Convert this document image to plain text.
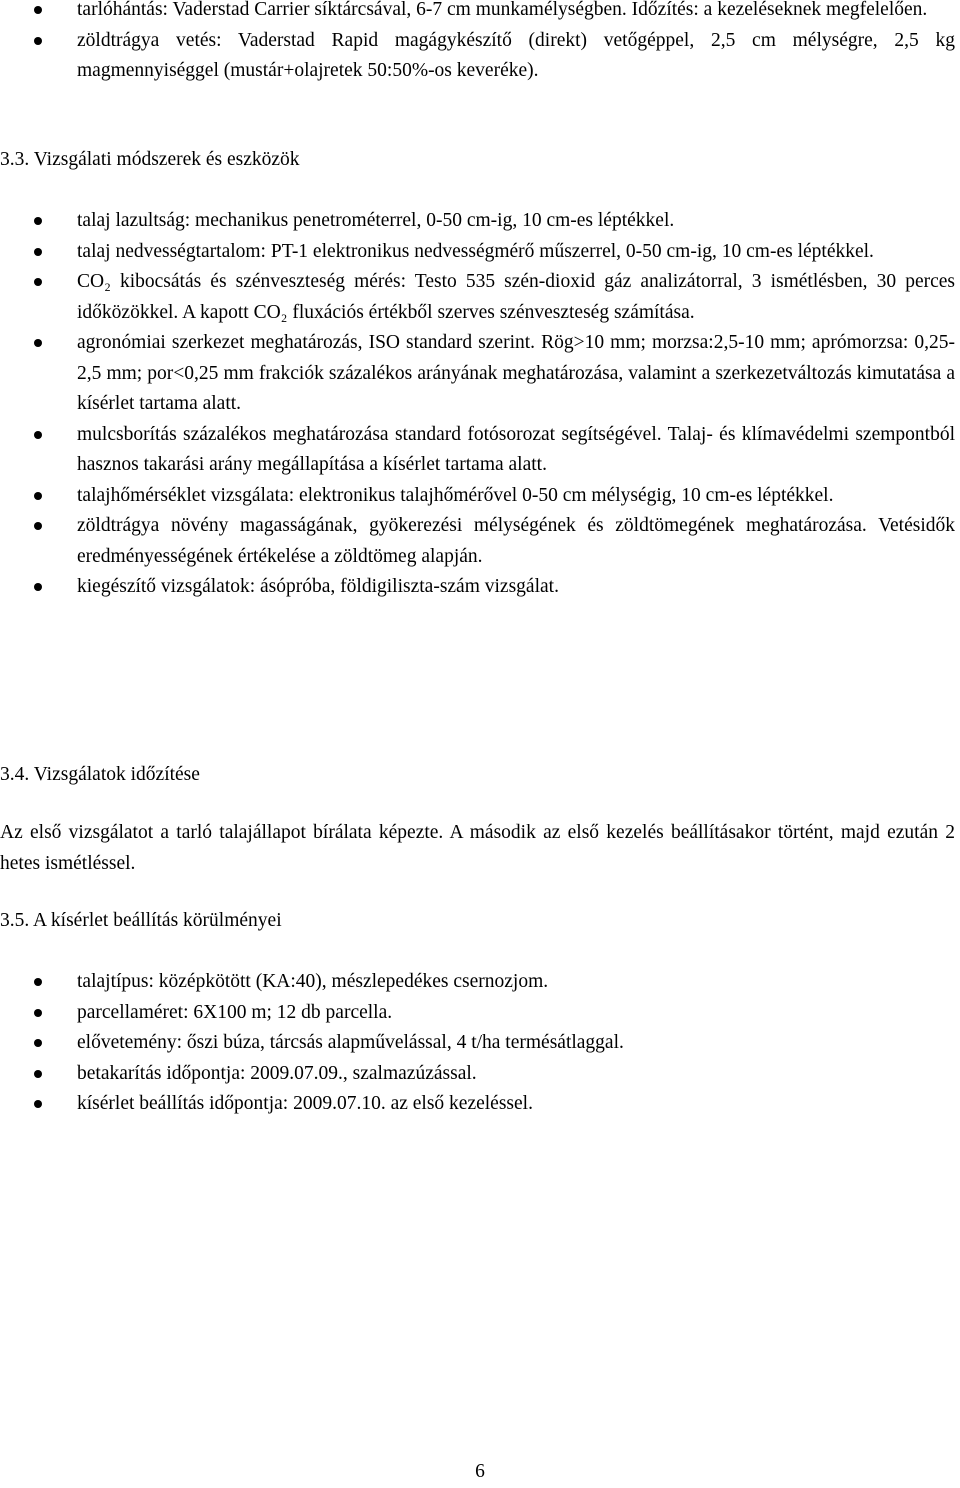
tarlóhántás: Vaderstad Carrier síktárcsával, 6-7 cm munkamélységben. Időzítés: a kezeléseknek megfelelően.
zöldtrágya vetés: Vaderstad Rapid magágykészítő (direkt) vetőgéppel, 2,5 cm mélységre, 2,5 kg magmennyiséggel (mustár+olajretek 50:50%-os keveréke).
3.3. Vizsgálati módszerek és eszközök
talaj lazultság: mechanikus penetrométerrel, 0-50 cm-ig, 10 cm-es léptékkel.
talaj nedvességtartalom: PT-1 elektronikus nedvességmérő műszerrel, 0-50 cm-ig, 10 cm-es léptékkel.
CO₂ kibocsátás és szénveszteség mérés: Testo 535 szén-dioxid gáz analizátorral, 3 ismétlésben, 30 perces időközökkel. A kapott CO₂ fluxációs értékből szerves szénveszteség számítása.
agronómiai szerkezet meghatározás, ISO standard szerint. Rög>10 mm; morzsa:2,5-10 mm; aprómorzsa: 0,25-2,5 mm; por<0,25 mm frakciók százalékos arányának meghatározása, valamint a szerkezetváltozás kimutatása a kísérlet tartama alatt.
mulcsborítás százalékos meghatározása standard fotósorozat segítségével. Talaj- és klímavédelmi szempontból hasznos takarási arány megállapítása a kísérlet tartama alatt.
talajhőmérséklet vizsgálata: elektronikus talajhőmérővel 0-50 cm mélységig, 10 cm-es léptékkel.
zöldtrágya növény magasságának, gyökerezési mélységének és zöldtömegének meghatározása. Vetésidők eredményességének értékelése a zöldtömeg alapján.
kiegészítő vizsgálatok: ásópróba, földigiliszta-szám vizsgálat.
3.4. Vizsgálatok időzítése

Az első vizsgálatot a tarló talajállapot bírálata képezte. A második az első kezelés beállításakor történt, majd ezután 2 hetes ismétléssel.

3.5. A kísérlet beállítás körülményei
talajtípus: középkötött (KA:40), mészlepedékes csernozjom.
parcellaméret: 6X100 m; 12 db parcella.
elővetemény: őszi búza, tárcsás alapművelással, 4 t/ha termésátlaggal.
betakarítás időpontja: 2009.07.09., szalmazúzással.
kísérlet beállítás időpontja: 2009.07.10. az első kezeléssel.
6
